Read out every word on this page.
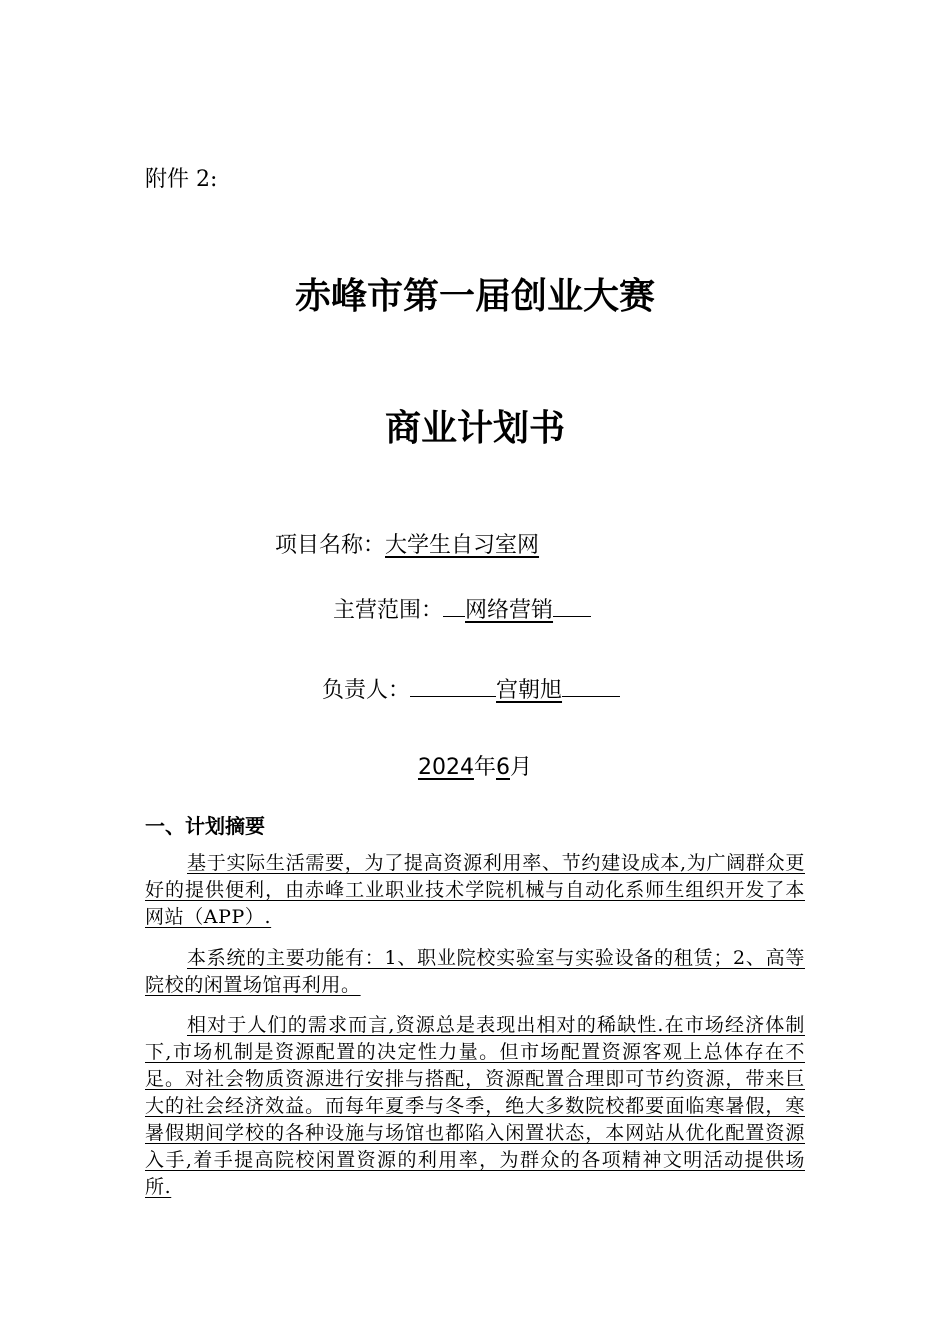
附件 2:
赤峰市第一届创业大赛
商业计划书
项目名称：大学生自习室网
主营范围： 网络营销
负责人：	宫朝旭
2024年6月
一、计划摘要

基于实际生活需要，为了提高资源利用率、节约建设成本,为广阔群众更好的提供便利，由赤峰工业职业技术学院机械与自动化系师生组织开发了本网站（APP）.

本系统的主要功能有：1、职业院校实验室与实验设备的租赁；2、高等院校的闲置场馆再利用。

相对于人们的需求而言,资源总是表现出相对的稀缺性.在市场经济体制下,市场机制是资源配置的决定性力量。但市场配置资源客观上总体存在不足。对社会物质资源进行安排与搭配，资源配置合理即可节约资源，带来巨大的社会经济效益。而每年夏季与冬季，绝大多数院校都要面临寒暑假，寒暑假期间学校的各种设施与场馆也都陷入闲置状态，本网站从优化配置资源入手,着手提高院校闲置资源的利用率，为群众的各项精神文明活动提供场所.
